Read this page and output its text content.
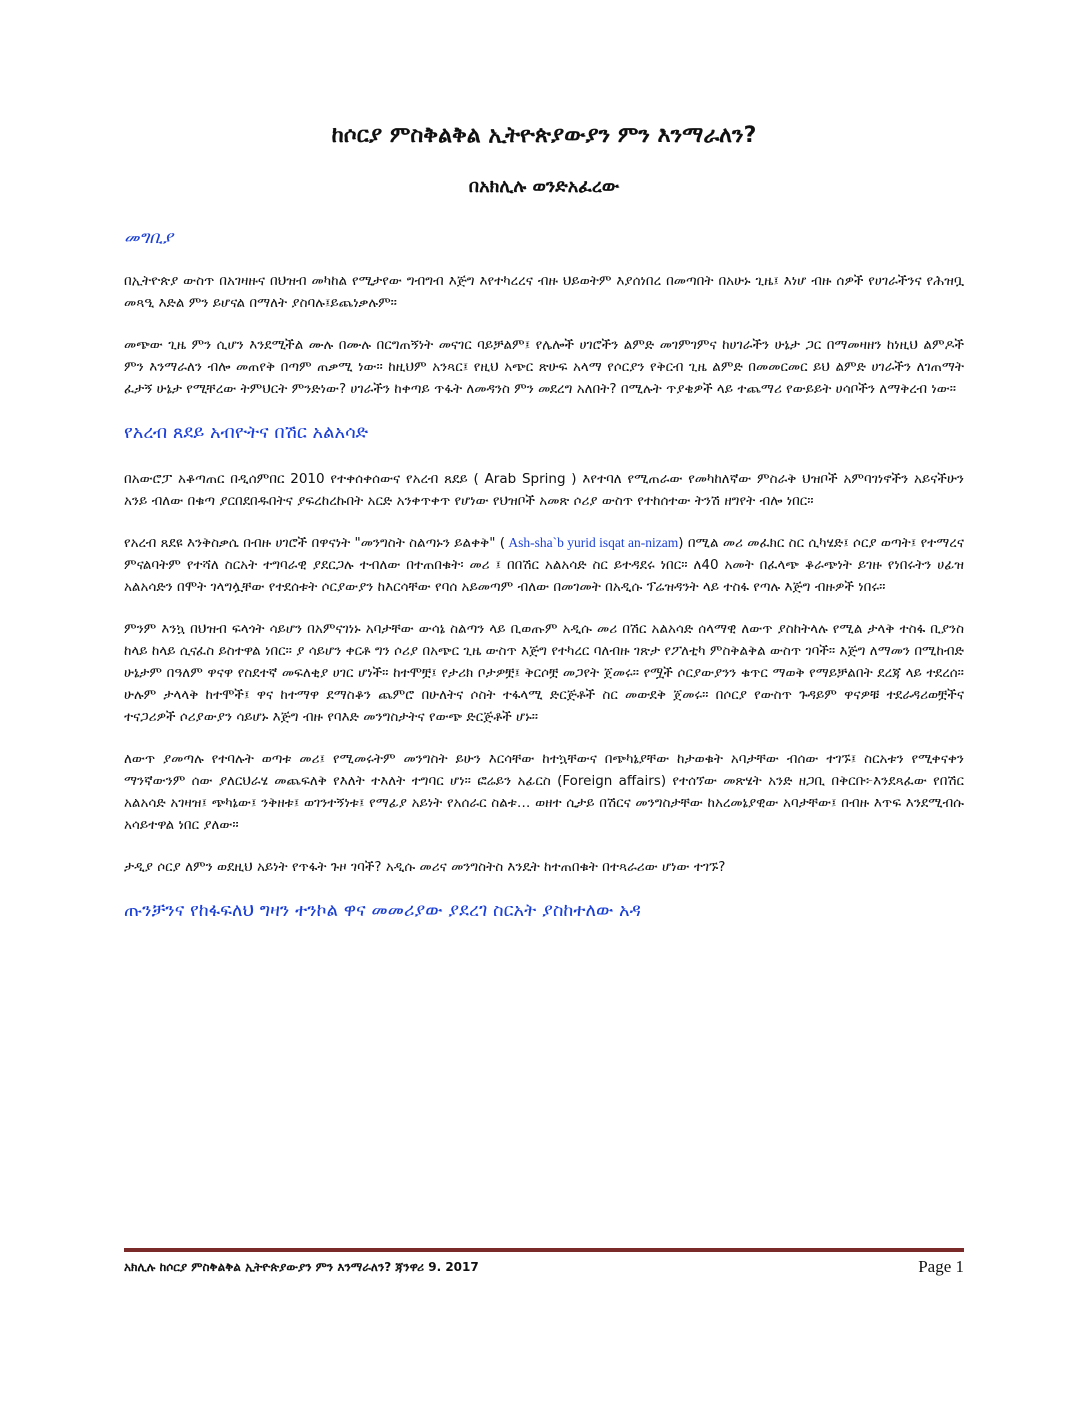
ከሶርያ ምስቅልቅል ኢትዮጵያውያን ምን እንማራለን?
በአክሊሉ ወንድአፈረው
መግቢያ

በኢትዮጵያ ውስጥ በአገዛዙና በህዝብ መካከል የሚታየው ግብግብ እጅግ እየተካረረና ብዙ ህይወትም እያሰነበረ በመጣበት በአሁኑ ጊዜ፤ እነሆ ብዙ ሰዎች የሀገራችንና የሕዝቧ መጻዒ እድል ምን ይሆናል በማለት ያስባሉ፤ይጨነቃሉም።

መጭው ጊዜ ምን ሲሆን እንደሚችል ሙሉ በሙሉ በርግጠኝነት መናገር ባይቻልም፤ የሌሎች ሀገሮችን ልምድ መገምገምና ከሀገራችን ሁኔታ ጋር በማመዛዘን ከነዚህ ልምዶች ምን እንማራለን ብሎ መጠየቅ በጣም ጠቃሚ ነው። ከዚህም አንጻር፤ የዚህ አጭር ጽሁፍ አላማ የሶርያን የቅርብ ጊዜ ልምድ በመመርመር ይህ ልምድ ሀገራችን ለገጠማት ፈታኝ ሁኔታ የሚቸረው ትምህርት ምንድነው? ሀገራችን ከቀጣይ ጥፋት ለመዳንስ ምን መደረግ አለበት? በሚሉት ጥያቄዎች ላይ ተጨማሪ የውይይት ሀሳቦችን ለማቅረብ ነው።

የአረብ ጸደይ አብዮትና በሽር አልአሳድ

በአውሮፓ አቆጣጠር በዲሰምበር 2010 የተቀሰቀሰውና የአረብ ጸደይ ( Arab Spring ) እየተባለ የሚጠራው የመካከለኛው ምስራቅ ህዝቦች አምባገነኖችን አይናችሁን አንይ ብለው በቁጣ ያርበደበዱበትና ያፍረከረኩበት አርድ አንቀጥቀጥ የሆነው የህዝቦች አመጽ ሶሪያ ውስጥ የተከሰተው ትንሽ ዘግየት ብሎ ነበር።

የአረብ ጸደዩ እንቅስቃሴ በብዙ ሀገሮች በዋናነት "መንግስት ስልጣኑን ይልቀቅ" ( Ash-sha`b yurid isqat an-nizam) በሚል መሪ መፈክር ስር ሲካሄድ፤ ሶርያ ወጣት፤ የተማረና ምናልባትም የተሻለ ስርአት ተግባራዊ ያደርጋሉ ተብለው በተጠበቁት፡ መሪ ፤ በበሽር አልአሳድ ስር ይተዳደሩ ነበር። ለ40 አመት በፈላጭ ቆራጭነት ይገዙ የነበሩትን ሀፊዝ አልአሳድን በሞት ገላግሏቸው የተደሰቱት ሶርያውያን ከእርሳቸው የባሰ አይመጣም ብለው በመገመት በአዲሱ ፕሬዝዳንት ላይ ተስፋ የጣሉ እጅግ ብዙዎች ነበሩ።

ምንም እንኳ በህዝብ ፍላጎት ሳይሆን በአምናገነኑ አባታቸው ውሳኔ ስልጣን ላይ ቢወጡም አዲሱ መሪ በሽር አልአሳድ ሰላማዊ ለውጥ ያስከትላሉ የሚል ታላቅ ተስፋ ቢያንስ ከላይ ከላይ ሲናፈስ ይስተዋል ነበር። ያ ሳይሆን ቀርቶ ግን ሶሪያ በአጭር ጊዜ ውስጥ እጅግ የተካረር ባለብዙ ገጽታ የፖለቲካ ምስቅልቅል ውስጥ ገባች። እጅግ ለማመን በሚከብድ ሁኔታም በዓለም ዋናዋ የስደተኛ መፍለቂያ ሀገር ሆነች። ከተሞቿ፤ የታሪክ ቦታዎቿ፤ ቅርሶቿ መጋየት ጀመሩ። የሟች ሶርያውያንን ቁጥር ማወቅ የማይቻልበት ደረጃ ላይ ተደረሰ። ሁሉም ታላላቅ ከተሞች፤ ዋና ከተማዋ ደማስቆን ጨምሮ በሁለትና ሶስት ተፋላሚ ድርጅቶች ስር መውደቅ ጀመሩ። በሶርያ የውስጥ ጉዳይም ዋናዎቹ ተደራዳሪወቿችና ተናጋሪዎች ሶሪያውያን ሳይሆኑ እጅግ ብዙ የባእድ መንግስታትና የውጭ ድርጅቶች ሆኑ።

ለውጥ ያመጣሉ የተባሉት ወጣቱ መሪ፤ የሚመሩትም መንግስት ይሁን እርሳቸው ከተኳቸውና በጭካኔያቸው ከታወቁት አባታቸው ብሰው ተገኙ፤ ስርአቱን የሚቀናቀን ማንኛውንም ሰው ያለርህራሄ መጨፍለቅ የእለት ተእለት ተግባር ሆነ። ፎሬይን አፊርስ (Foreign affairs) የተሰኘው መጽሄት አንድ ዘጋቢ በቅርቡ፦እንደጻፈው የበሽር አልአሳድ አገዛዝ፤ ጭካኔው፤ ንቅዘቱ፤ ወገንተኝነቱ፤ የማፊያ አይነት የአሰራር ስልቱ… ወዘተ ሲታይ በሽርና መንግስታቸው ከአረመኔያዊው አባታቸው፤ በብዙ እጥፍ እንደሚብሱ አሳይተዋል ነበር ያለው።

ታዲያ ሶርያ ለምን ወደዚህ አይነት የጥፋት ጉዞ ገባች? አዲሱ መሪና መንግስትስ እንዴት ከተጠበቁት በተጻራሪው ሆነው ተገኙ?

ጡንቻንና የከፋፍለህ ግዛን ተንኮል ዋና መመሪያው ያደረገ ስርአት ያስከተለው አዳ
አክሊሉ ከሶርያ ምስቅልቅል ኢትዮጵያውያን ምን እንማራለን? ጃንዋሪ 9. 2017	Page 1
